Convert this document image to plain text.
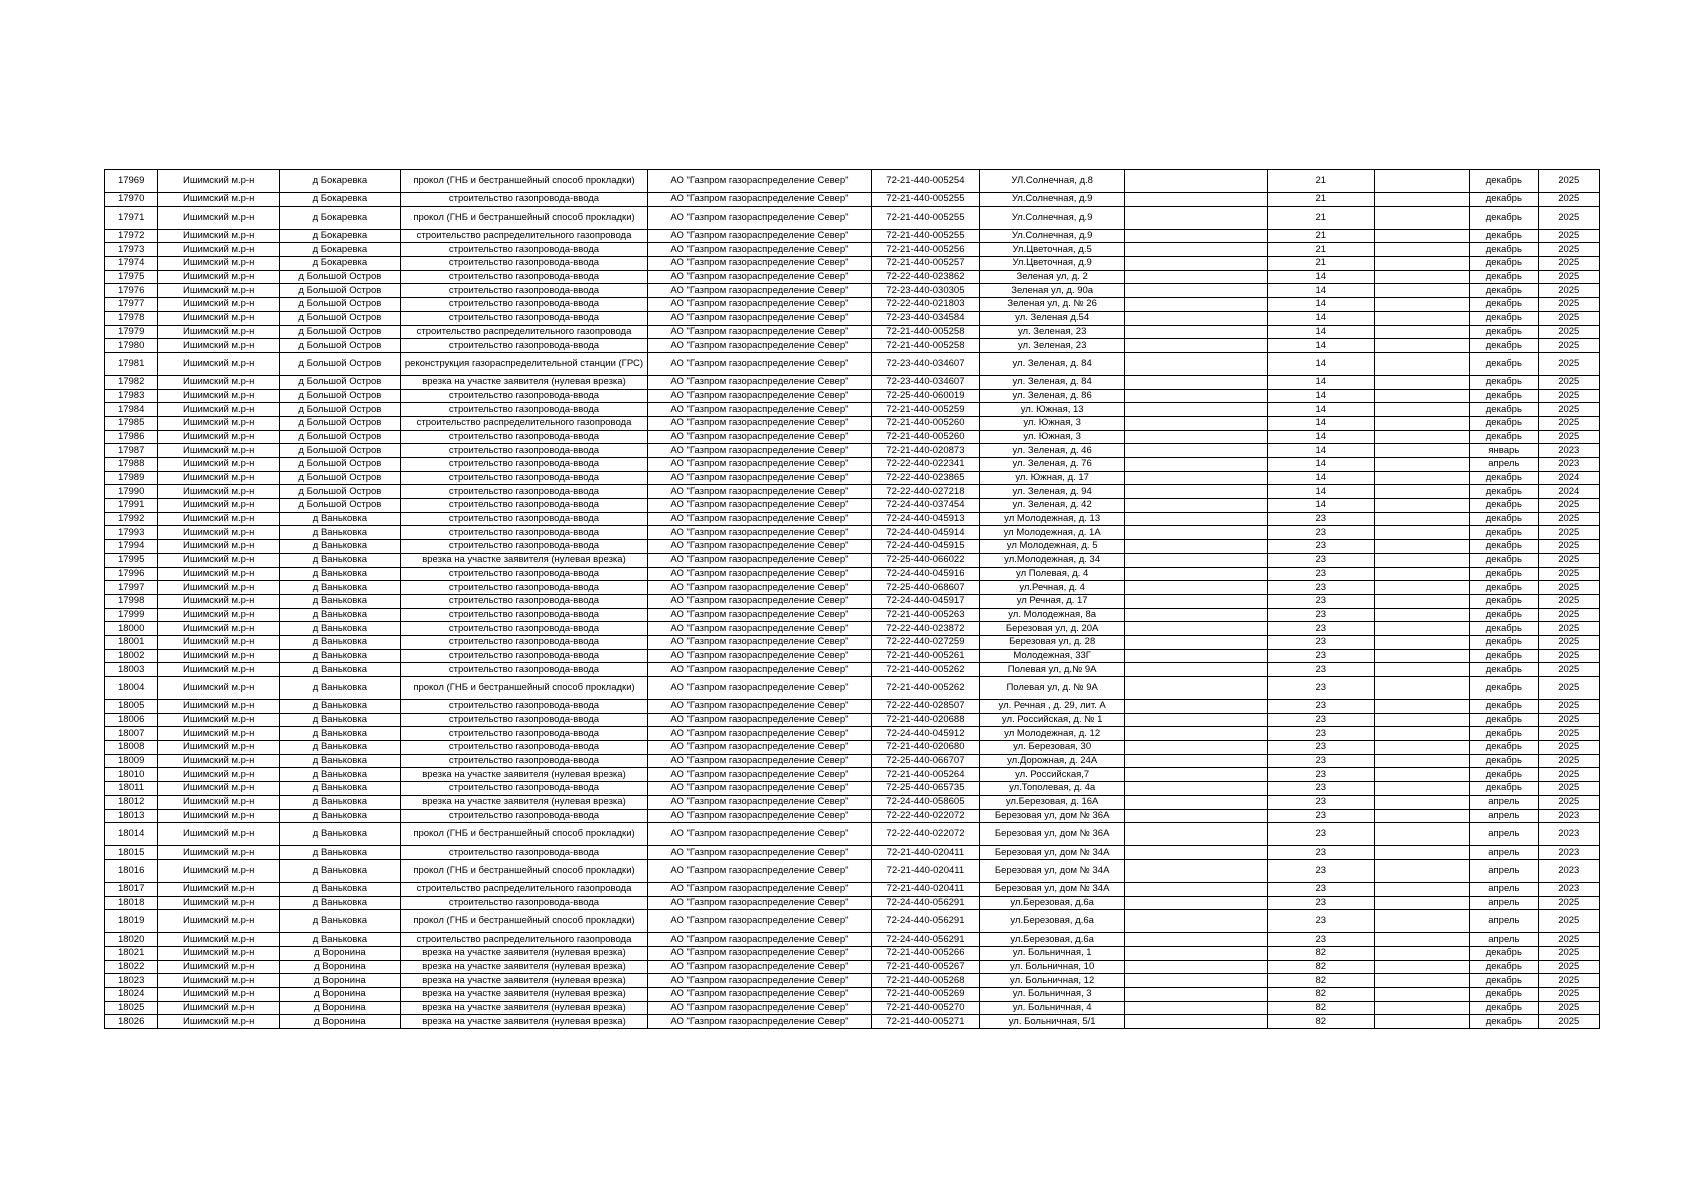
17969	Ишимский м.р-н	д Бокаревка	прокол (ГНБ и бестраншейный способ прокладки)	АО "Газпром газораспределение Север"	72-21-440-005254	УЛ.Солнечная, д.8		21		декабрь	2025
17970	Ишимский м.р-н	д Бокаревка	строительство газопровода-ввода	АО "Газпром газораспределение Север"	72-21-440-005255	Ул.Солнечная, д.9		21		декабрь	2025
17971	Ишимский м.р-н	д Бокаревка	прокол (ГНБ и бестраншейный способ прокладки)	АО "Газпром газораспределение Север"	72-21-440-005255	Ул.Солнечная, д.9		21		декабрь	2025
17972	Ишимский м.р-н	д Бокаревка	строительство распределительного газопровода	АО "Газпром газораспределение Север"	72-21-440-005255	Ул.Солнечная, д.9		21		декабрь	2025
17973	Ишимский м.р-н	д Бокаревка	строительство газопровода-ввода	АО "Газпром газораспределение Север"	72-21-440-005256	Ул.Цветочная, д.5		21		декабрь	2025
17974	Ишимский м.р-н	д Бокаревка	строительство газопровода-ввода	АО "Газпром газораспределение Север"	72-21-440-005257	Ул.Цветочная, д.9		21		декабрь	2025
17975	Ишимский м.р-н	д Большой Остров	строительство газопровода-ввода	АО "Газпром газораспределение Север"	72-22-440-023862	Зеленая ул, д. 2		14		декабрь	2025
17976	Ишимский м.р-н	д Большой Остров	строительство газопровода-ввода	АО "Газпром газораспределение Север"	72-23-440-030305	Зеленая ул, д. 90а		14		декабрь	2025
17977	Ишимский м.р-н	д Большой Остров	строительство газопровода-ввода	АО "Газпром газораспределение Север"	72-22-440-021803	Зеленая ул, д. № 26		14		декабрь	2025
17978	Ишимский м.р-н	д Большой Остров	строительство газопровода-ввода	АО "Газпром газораспределение Север"	72-23-440-034584	ул. Зеленая д.54		14		декабрь	2025
17979	Ишимский м.р-н	д Большой Остров	строительство распределительного газопровода	АО "Газпром газораспределение Север"	72-21-440-005258	ул. Зеленая, 23		14		декабрь	2025
17980	Ишимский м.р-н	д Большой Остров	строительство газопровода-ввода	АО "Газпром газораспределение Север"	72-21-440-005258	ул. Зеленая, 23		14		декабрь	2025
17981	Ишимский м.р-н	д Большой Остров	реконструкция газораспределительной станции (ГРС)	АО "Газпром газораспределение Север"	72-23-440-034607	ул. Зеленая, д. 84		14		декабрь	2025
17982	Ишимский м.р-н	д Большой Остров	врезка на участке заявителя (нулевая врезка)	АО "Газпром газораспределение Север"	72-23-440-034607	ул. Зеленая, д. 84		14		декабрь	2025
17983	Ишимский м.р-н	д Большой Остров	строительство газопровода-ввода	АО "Газпром газораспределение Север"	72-25-440-060019	ул. Зеленая, д. 86		14		декабрь	2025
17984	Ишимский м.р-н	д Большой Остров	строительство газопровода-ввода	АО "Газпром газораспределение Север"	72-21-440-005259	ул. Южная, 13		14		декабрь	2025
17985	Ишимский м.р-н	д Большой Остров	строительство распределительного газопровода	АО "Газпром газораспределение Север"	72-21-440-005260	ул. Южная, 3		14		декабрь	2025
17986	Ишимский м.р-н	д Большой Остров	строительство газопровода-ввода	АО "Газпром газораспределение Север"	72-21-440-005260	ул. Южная, 3		14		декабрь	2025
17987	Ишимский м.р-н	д Большой Остров	строительство газопровода-ввода	АО "Газпром газораспределение Север"	72-21-440-020873	ул. Зеленая, д. 46		14		январь	2023
17988	Ишимский м.р-н	д Большой Остров	строительство газопровода-ввода	АО "Газпром газораспределение Север"	72-22-440-022341	ул. Зеленая, д. 76		14		апрель	2023
17989	Ишимский м.р-н	д Большой Остров	строительство газопровода-ввода	АО "Газпром газораспределение Север"	72-22-440-023865	ул. Южная, д. 17		14		декабрь	2024
17990	Ишимский м.р-н	д Большой Остров	строительство газопровода-ввода	АО "Газпром газораспределение Север"	72-22-440-027218	ул. Зеленая, д. 94		14		декабрь	2024
17991	Ишимский м.р-н	д Большой Остров	строительство газопровода-ввода	АО "Газпром газораспределение Север"	72-24-440-037454	ул. Зеленая, д. 42		14		декабрь	2025
17992	Ишимский м.р-н	д Ваньковка	строительство газопровода-ввода	АО "Газпром газораспределение Север"	72-24-440-045913	ул Молодежная, д. 13		23		декабрь	2025
17993	Ишимский м.р-н	д Ваньковка	строительство газопровода-ввода	АО "Газпром газораспределение Север"	72-24-440-045914	ул Молодежная, д. 1А		23		декабрь	2025
17994	Ишимский м.р-н	д Ваньковка	строительство газопровода-ввода	АО "Газпром газораспределение Север"	72-24-440-045915	ул Молодежная, д. 5		23		декабрь	2025
17995	Ишимский м.р-н	д Ваньковка	врезка на участке заявителя (нулевая врезка)	АО "Газпром газораспределение Север"	72-25-440-066022	ул.Молодежная, д. 34		23		декабрь	2025
17996	Ишимский м.р-н	д Ваньковка	строительство газопровода-ввода	АО "Газпром газораспределение Север"	72-24-440-045916	ул Полевая, д. 4		23		декабрь	2025
17997	Ишимский м.р-н	д Ваньковка	строительство газопровода-ввода	АО "Газпром газораспределение Север"	72-25-440-068607	ул.Речная, д. 4		23		декабрь	2025
17998	Ишимский м.р-н	д Ваньковка	строительство газопровода-ввода	АО "Газпром газораспределение Север"	72-24-440-045917	ул Речная, д. 17		23		декабрь	2025
17999	Ишимский м.р-н	д Ваньковка	строительство газопровода-ввода	АО "Газпром газораспределение Север"	72-21-440-005263	ул. Молодежная, 8а		23		декабрь	2025
18000	Ишимский м.р-н	д Ваньковка	строительство газопровода-ввода	АО "Газпром газораспределение Север"	72-22-440-023872	Березовая ул, д. 20А		23		декабрь	2025
18001	Ишимский м.р-н	д Ваньковка	строительство газопровода-ввода	АО "Газпром газораспределение Север"	72-22-440-027259	Березовая ул, д. 28		23		декабрь	2025
18002	Ишимский м.р-н	д Ваньковка	строительство газопровода-ввода	АО "Газпром газораспределение Север"	72-21-440-005261	Молодежная, 33Г		23		декабрь	2025
18003	Ишимский м.р-н	д Ваньковка	строительство газопровода-ввода	АО "Газпром газораспределение Север"	72-21-440-005262	Полевая ул, д.№ 9А		23		декабрь	2025
18004	Ишимский м.р-н	д Ваньковка	прокол (ГНБ и бестраншейный способ прокладки)	АО "Газпром газораспределение Север"	72-21-440-005262	Полевая ул, д. № 9А		23		декабрь	2025
18005	Ишимский м.р-н	д Ваньковка	строительство газопровода-ввода	АО "Газпром газораспределение Север"	72-22-440-028507	ул. Речная , д. 29, лит. А		23		декабрь	2025
18006	Ишимский м.р-н	д Ваньковка	строительство газопровода-ввода	АО "Газпром газораспределение Север"	72-21-440-020688	ул. Российская, д. № 1		23		декабрь	2025
18007	Ишимский м.р-н	д Ваньковка	строительство газопровода-ввода	АО "Газпром газораспределение Север"	72-24-440-045912	ул Молодежная, д. 12		23		декабрь	2025
18008	Ишимский м.р-н	д Ваньковка	строительство газопровода-ввода	АО "Газпром газораспределение Север"	72-21-440-020680	ул. Березовая, 30		23		декабрь	2025
18009	Ишимский м.р-н	д Ваньковка	строительство газопровода-ввода	АО "Газпром газораспределение Север"	72-25-440-066707	ул.Дорожная, д. 24А		23		декабрь	2025
18010	Ишимский м.р-н	д Ваньковка	врезка на участке заявителя (нулевая врезка)	АО "Газпром газораспределение Север"	72-21-440-005264	ул. Российская,7		23		декабрь	2025
18011	Ишимский м.р-н	д Ваньковка	строительство газопровода-ввода	АО "Газпром газораспределение Север"	72-25-440-065735	ул.Тополевая, д. 4а		23		декабрь	2025
18012	Ишимский м.р-н	д Ваньковка	врезка на участке заявителя (нулевая врезка)	АО "Газпром газораспределение Север"	72-24-440-058605	ул.Березовая, д. 16А		23		апрель	2025
18013	Ишимский м.р-н	д Ваньковка	строительство газопровода-ввода	АО "Газпром газораспределение Север"	72-22-440-022072	Березовая ул, дом № 36А		23		апрель	2023
18014	Ишимский м.р-н	д Ваньковка	прокол (ГНБ и бестраншейный способ прокладки)	АО "Газпром газораспределение Север"	72-22-440-022072	Березовая ул, дом № 36А		23		апрель	2023
18015	Ишимский м.р-н	д Ваньковка	строительство газопровода-ввода	АО "Газпром газораспределение Север"	72-21-440-020411	Березовая ул, дом № 34А		23		апрель	2023
18016	Ишимский м.р-н	д Ваньковка	прокол (ГНБ и бестраншейный способ прокладки)	АО "Газпром газораспределение Север"	72-21-440-020411	Березовая ул, дом № 34А		23		апрель	2023
18017	Ишимский м.р-н	д Ваньковка	строительство распределительного газопровода	АО "Газпром газораспределение Север"	72-21-440-020411	Березовая ул, дом № 34А		23		апрель	2023
18018	Ишимский м.р-н	д Ваньковка	строительство газопровода-ввода	АО "Газпром газораспределение Север"	72-24-440-056291	ул.Березовая, д.6а		23		апрель	2025
18019	Ишимский м.р-н	д Ваньковка	прокол (ГНБ и бестраншейный способ прокладки)	АО "Газпром газораспределение Север"	72-24-440-056291	ул.Березовая, д.6а		23		апрель	2025
18020	Ишимский м.р-н	д Ваньковка	строительство распределительного газопровода	АО "Газпром газораспределение Север"	72-24-440-056291	ул.Березовая, д.6а		23		апрель	2025
18021	Ишимский м.р-н	д Воронина	врезка на участке заявителя (нулевая врезка)	АО "Газпром газораспределение Север"	72-21-440-005266	ул. Больничная, 1		82		декабрь	2025
18022	Ишимский м.р-н	д Воронина	врезка на участке заявителя (нулевая врезка)	АО "Газпром газораспределение Север"	72-21-440-005267	ул. Больничная, 10		82		декабрь	2025
18023	Ишимский м.р-н	д Воронина	врезка на участке заявителя (нулевая врезка)	АО "Газпром газораспределение Север"	72-21-440-005268	ул. Больничная, 12		82		декабрь	2025
18024	Ишимский м.р-н	д Воронина	врезка на участке заявителя (нулевая врезка)	АО "Газпром газораспределение Север"	72-21-440-005269	ул. Больничная, 3		82		декабрь	2025
18025	Ишимский м.р-н	д Воронина	врезка на участке заявителя (нулевая врезка)	АО "Газпром газораспределение Север"	72-21-440-005270	ул. Больничная, 4		82		декабрь	2025
18026	Ишимский м.р-н	д Воронина	врезка на участке заявителя (нулевая врезка)	АО "Газпром газораспределение Север"	72-21-440-005271	ул. Больничная, 5/1		82		декабрь	2025
